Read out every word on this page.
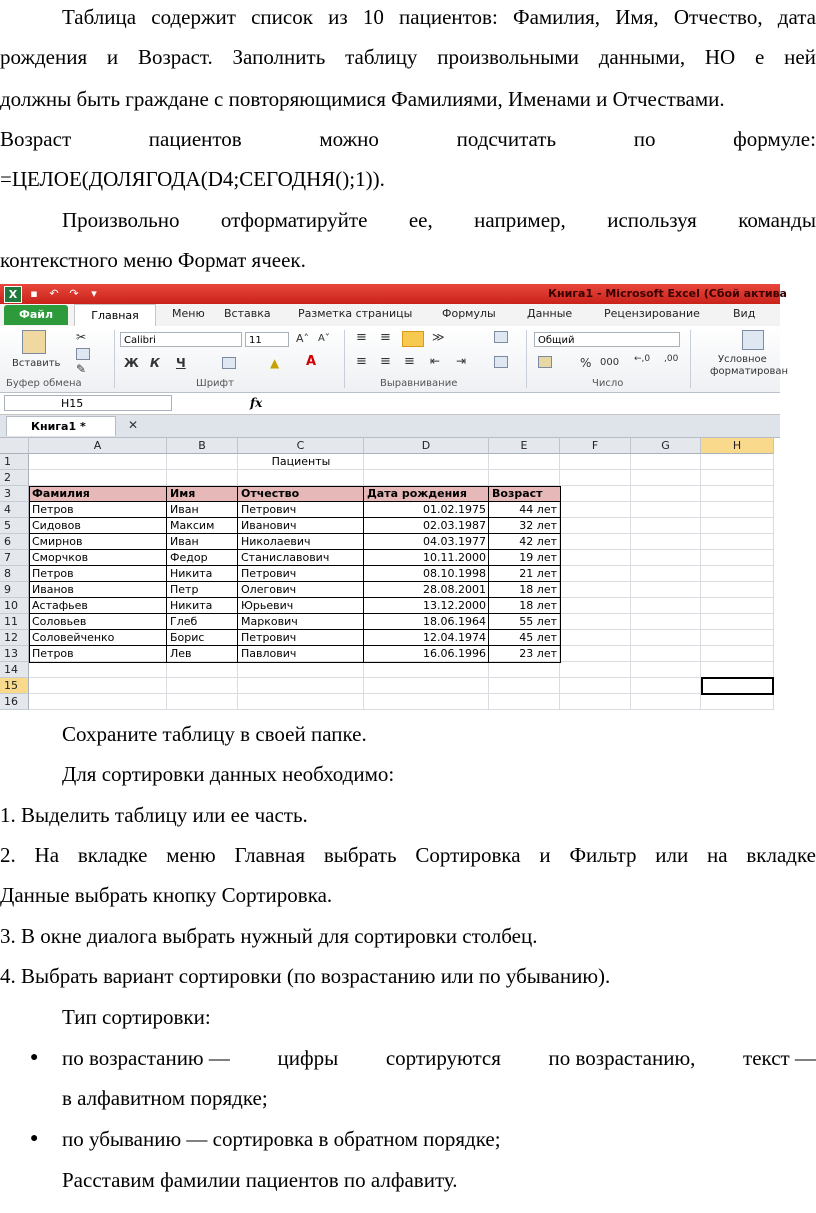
Таблица содержит список из 10 пациентов: Фамилия, Имя, Отчество, дата
рождения и Возраст. Заполнить таблицу произвольными данными, НО е ней
должны быть граждане с повторяющимися Фамилиями, Именами и Отчествами.
Возраст	пациентов	можно	подсчитать	по	формуле:
=ЦЕЛОЕ(ДОЛЯГОДА(D4;СЕГОДНЯ();1)).
Произвольно отформатируйте ее, например, используя команды
контекстного меню Формат ячеек.
X	▪	↶ ↷	▾	Книга1 - Microsoft Excel (Сбой актива
Файл	Главная	Меню Вставка Разметка страницы	Формулы	Данные	Рецензирование	Вид
Вставить
✂
✎
Буфер обмена
Calibri	11	A˄ A˅
Ж К Ч	▲ A
Шрифт
≡ ≡	≫
≡ ≡ ≡ ⇤ ⇥
Выравнивание
Общий
% 000 ←,0 ,00
Число
Условное
форматирован
H15	fx
Книга1 *	✕
A	B	C	D	E	F	G	H
1
2
3
4
5
6
7
8
9
10
11
12
13
14
15
16
Пациенты
Фамилия	Имя	Отчество	Дата рождения	Возраст
Петров	Иван	Петрович	01.02.1975	44 лет
Сидовов	Максим	Иванович	02.03.1987	32 лет
Смирнов	Иван	Николаевич	04.03.1977	42 лет
Сморчков	Федор	Станиславович	10.11.2000	19 лет
Петров	Никита	Петрович	08.10.1998	21 лет
Иванов	Петр	Олегович	28.08.2001	18 лет
Астафьев	Никита	Юрьевич	13.12.2000	18 лет
Соловьев	Глеб	Маркович	18.06.1964	55 лет
Соловейченко	Борис	Петрович	12.04.1974	45 лет
Петров	Лев	Павлович	16.06.1996	23 лет
Сохраните таблицу в своей папке.
Для сортировки данных необходимо:
1. Выделить таблицу или ее часть.
2. На вкладке меню Главная выбрать Сортировка и Фильтр или на вкладке
Данные выбрать кнопку Сортировка.
3. В окне диалога выбрать нужный для сортировки столбец.
4. Выбрать вариант сортировки (по возрастанию или по убыванию).
Тип сортировки:
● по возрастанию — цифры сортируются по возрастанию, текст —
в алфавитном порядке;
● по убыванию — сортировка в обратном порядке;
Расставим фамилии пациентов по алфавиту.
